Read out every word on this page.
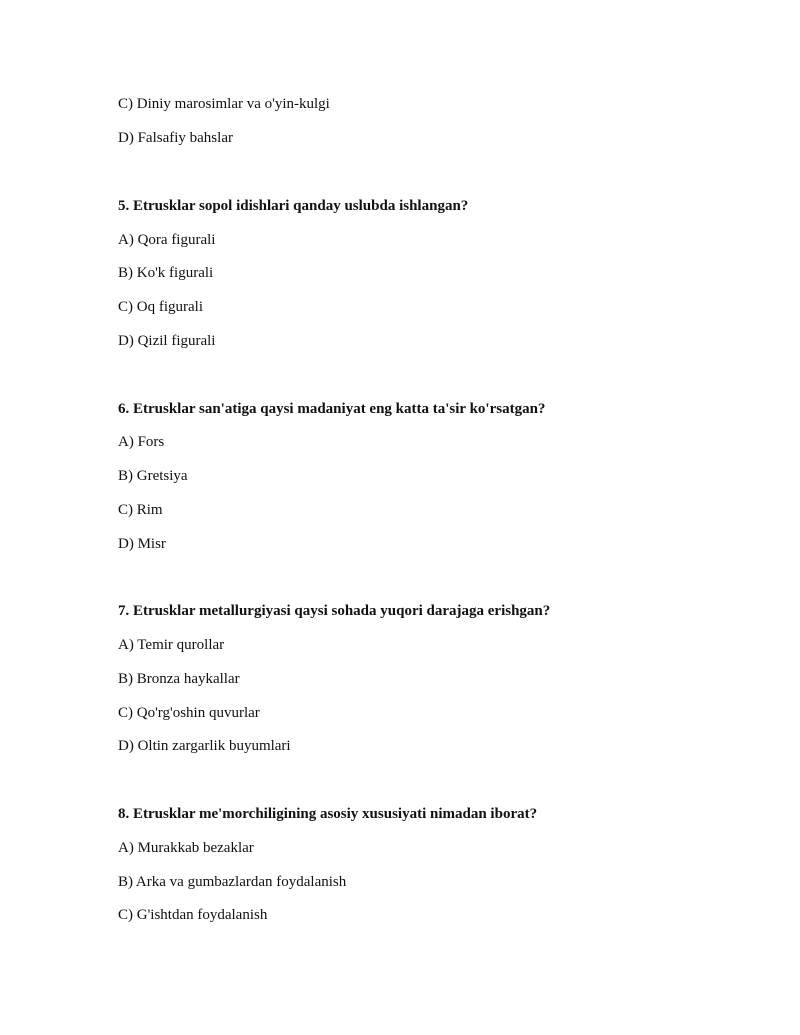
C) Diniy marosimlar va o'yin-kulgi
D) Falsafiy bahslar
5. Etrusklar sopol idishlari qanday uslubda ishlangan?
A) Qora figurali
B) Ko'k figurali
C) Oq figurali
D) Qizil figurali
6. Etrusklar san'atiga qaysi madaniyat eng katta ta'sir ko'rsatgan?
A) Fors
B) Gretsiya
C) Rim
D) Misr
7. Etrusklar metallurgiyasi qaysi sohada yuqori darajaga erishgan?
A) Temir qurollar
B) Bronza haykallar
C) Qo'rg'oshin quvurlar
D) Oltin zargarlik buyumlari
8. Etrusklar me'morchiligining asosiy xususiyati nimadan iborat?
A) Murakkab bezaklar
B) Arka va gumbazlardan foydalanish
C) G'ishtdan foydalanish
